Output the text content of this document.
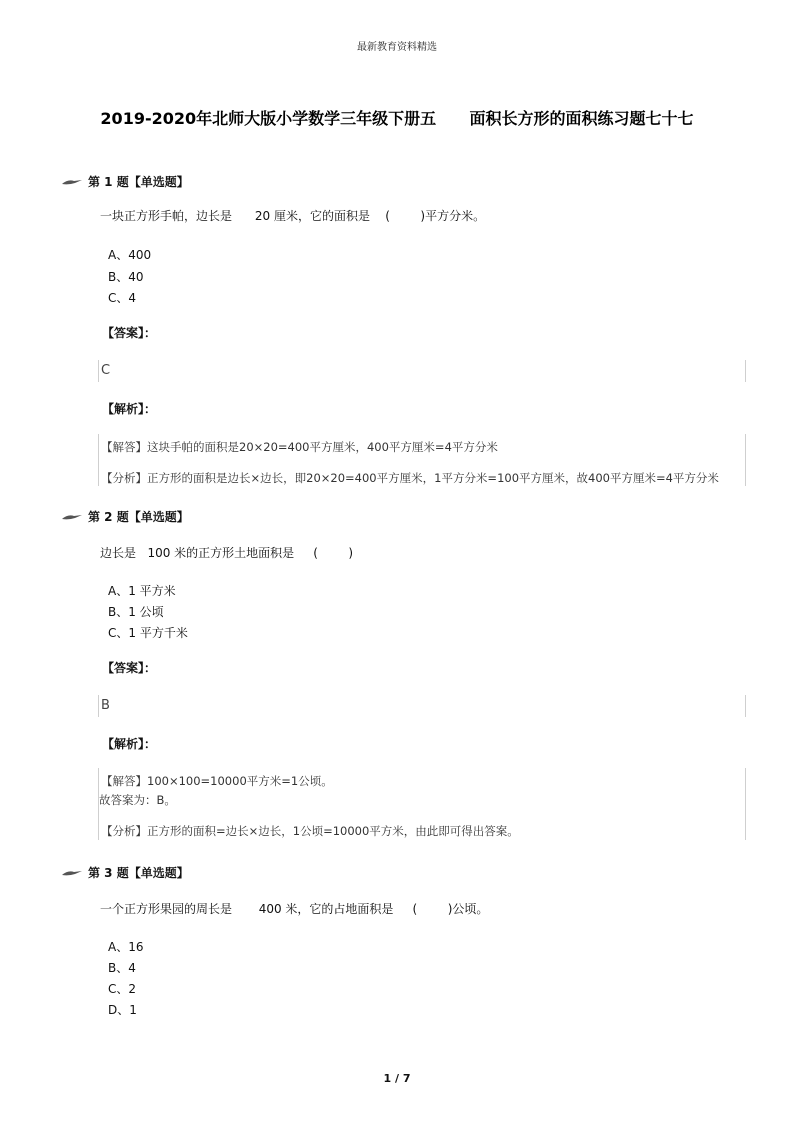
最新教育资料精选
2019-2020年北师大版小学数学三年级下册五      面积长方形的面积练习题七十七
第 1 题【单选题】
一块正方形手帕，边长是      20 厘米，它的面积是    (        )平方分米。
A、400
B、40
C、4
【答案】：
C
【解析】：
【解答】这块手帕的面积是20×20=400平方厘米，400平方厘米=4平方分米
【分析】正方形的面积是边长×边长，即20×20=400平方厘米，1平方分米=100平方厘米，故400平方厘米=4平方分米
第 2 题【单选题】
边长是   100 米的正方形土地面积是     (        )
A、1 平方米
B、1 公顷
C、1 平方千米
【答案】：
B
【解析】：
【解答】100×100=10000平方米=1公顷。
故答案为：B。
【分析】正方形的面积=边长×边长，1公顷=10000平方米，由此即可得出答案。
第 3 题【单选题】
一个正方形果园的周长是       400 米，它的占地面积是     (        )公顷。
A、16
B、4
C、2
D、1
1 / 7
